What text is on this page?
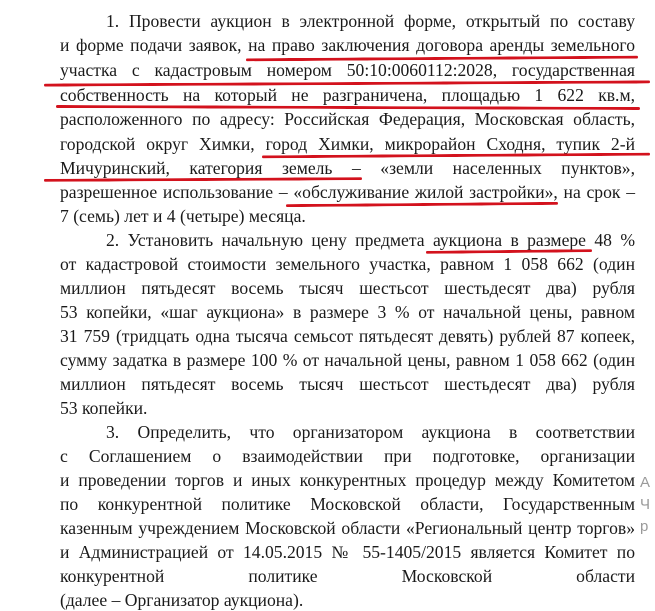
1. Провести аукцион в электронной форме, открытый по составу
и форме подачи заявок, на право заключения договора аренды земельного
участка с кадастровым номером 50:10:0060112:2028, государственная
собственность на который не разграничена, площадью 1 622 кв.м,
расположенного по адресу: Российская Федерация, Московская область,
городской округ Химки, город Химки, микрорайон Сходня, тупик 2-й
Мичуринский, категория земель – «земли населенных пунктов»,
разрешенное использование – «обслуживание жилой застройки», на срок –
7 (семь) лет и 4 (четыре) месяца.
2. Установить начальную цену предмета аукциона в размере 48 %
от кадастровой стоимости земельного участка, равном 1 058 662 (один
миллион пятьдесят восемь тысяч шестьсот шестьдесят два) рубля
53 копейки, «шаг аукциона» в размере 3 % от начальной цены, равном
31 759 (тридцать одна тысяча семьсот пятьдесят девять) рублей 87 копеек,
сумму задатка в размере 100 % от начальной цены, равном 1 058 662 (один
миллион пятьдесят восемь тысяч шестьсот шестьдесят два) рубля
53 копейки.
3. Определить, что организатором аукциона в соответствии
с Соглашением о взаимодействии при подготовке, организации
и проведении торгов и иных конкурентных процедур между Комитетом
по конкурентной политике Московской области, Государственным
казенным учреждением Московской области «Региональный центр торгов»
и Администрацией от 14.05.2015 № 55-1405/2015 является Комитет по
конкурентной политике Московской области
(далее – Организатор аукциона).
А
Ч
р
